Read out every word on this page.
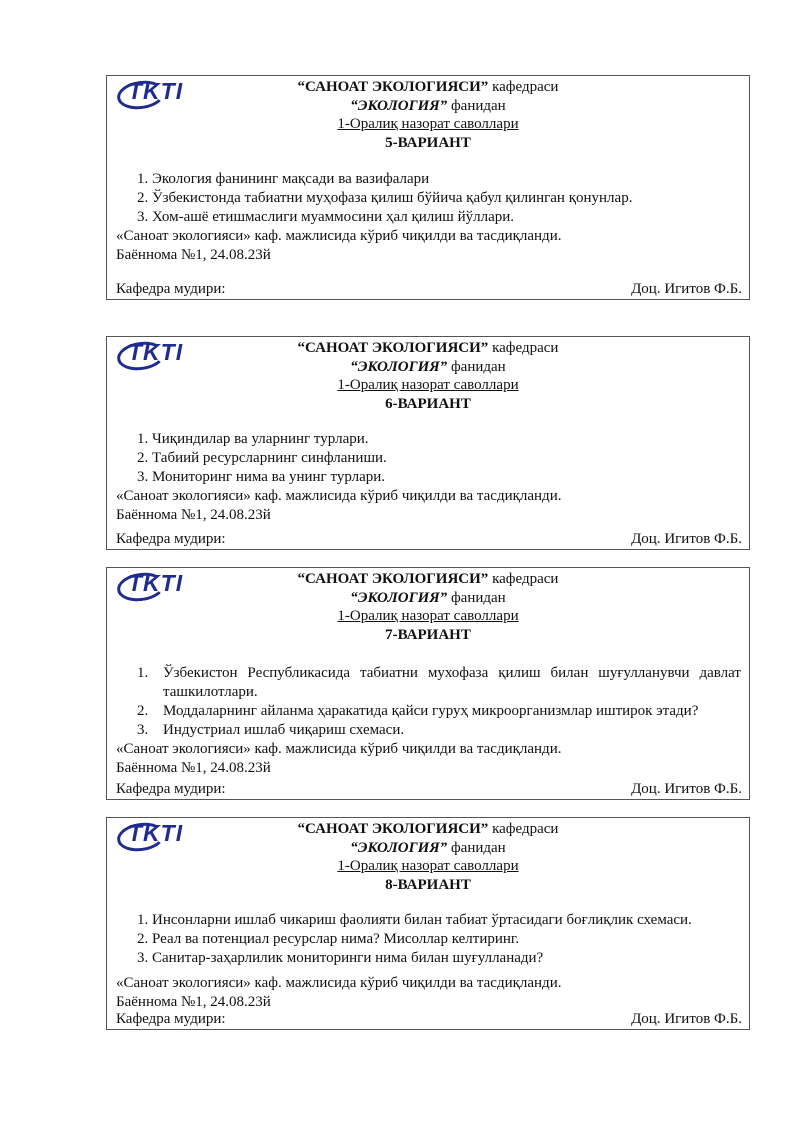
TKTI	“САНОАТ ЭКОЛОГИЯСИ” кафедраси
“ЭКОЛОГИЯ” фанидан
1-Оралиқ назорат саволлари
5-ВАРИАНТ
1. Экология фанининг мақсади ва вазифалари
2. Ўзбекистонда табиатни муҳофаза қилиш бўйича қабул қилинган қонунлар.
3. Хом-ашё етишмаслиги муаммосини ҳал қилиш йўллари.
«Саноат экологияси» каф. мажлисида кўриб чиқилди ва тасдиқланди.
Баённома №1, 24.08.23й
Кафедра мудири:	Доц. Игитов Ф.Б.
TKTI	“САНОАТ ЭКОЛОГИЯСИ” кафедраси
“ЭКОЛОГИЯ” фанидан
1-Оралиқ назорат саволлари
6-ВАРИАНТ
1. Чиқиндилар ва уларнинг турлари.
2. Табиий ресурсларнинг синфланиши.
3. Мониторинг нима ва унинг турлари.
«Саноат экологияси» каф. мажлисида кўриб чиқилди ва тасдиқланди.
Баённома №1, 24.08.23й
Кафедра мудири:	Доц. Игитов Ф.Б.
TKTI	“САНОАТ ЭКОЛОГИЯСИ” кафедраси
“ЭКОЛОГИЯ” фанидан
1-Оралиқ назорат саволлари
7-ВАРИАНТ
1. Ўзбекистон Республикасида табиатни мухофаза қилиш билан шуғулланувчи давлат ташкилотлари.
2. Моддаларнинг айланма ҳаракатида қайси гуруҳ микроорганизмлар иштирок этади?
3. Индустриал ишлаб чиқариш схемаси.
«Саноат экологияси» каф. мажлисида кўриб чиқилди ва тасдиқланди.
Баённома №1, 24.08.23й
Кафедра мудири:	Доц. Игитов Ф.Б.
TKTI	“САНОАТ ЭКОЛОГИЯСИ” кафедраси
“ЭКОЛОГИЯ” фанидан
1-Оралиқ назорат саволлари
8-ВАРИАНТ
1. Инсонларни ишлаб чикариш фаолияти билан табиат ўртасидаги боғлиқлик схемаси.
2. Реал ва потенциал ресурслар нима? Мисоллар келтиринг.
3. Санитар-заҳарлилик мониторинги нима билан шуғулланади?
«Саноат экологияси» каф. мажлисида кўриб чиқилди ва тасдиқланди.
Баённома №1, 24.08.23й
Кафедра мудири:	Доц. Игитов Ф.Б.
